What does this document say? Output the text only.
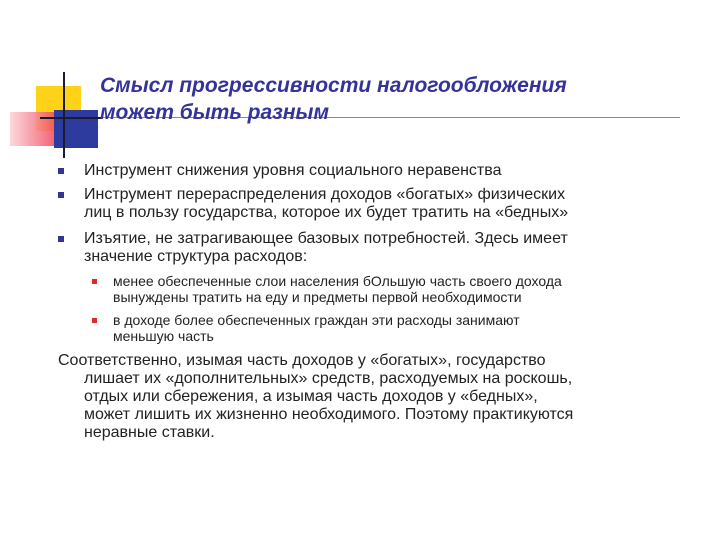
Смысл прогрессивности налогообложения
может быть разным
Инструмент снижения уровня социального неравенства
Инструмент перераспределения доходов «богатых» физических
лиц в пользу государства, которое их будет тратить на «бедных»
Изъятие, не затрагивающее базовых потребностей. Здесь имеет
значение структура расходов:
менее обеспеченные слои населения бОльшую часть своего дохода
вынуждены тратить на еду и предметы первой необходимости
в доходе более обеспеченных граждан эти расходы занимают
меньшую часть
Соответственно, изымая часть доходов у «богатых», государство
лишает их «дополнительных» средств, расходуемых на роскошь,
отдых или сбережения, а изымая часть доходов у «бедных»,
может лишить их жизненно необходимого. Поэтому практикуются
неравные ставки.
